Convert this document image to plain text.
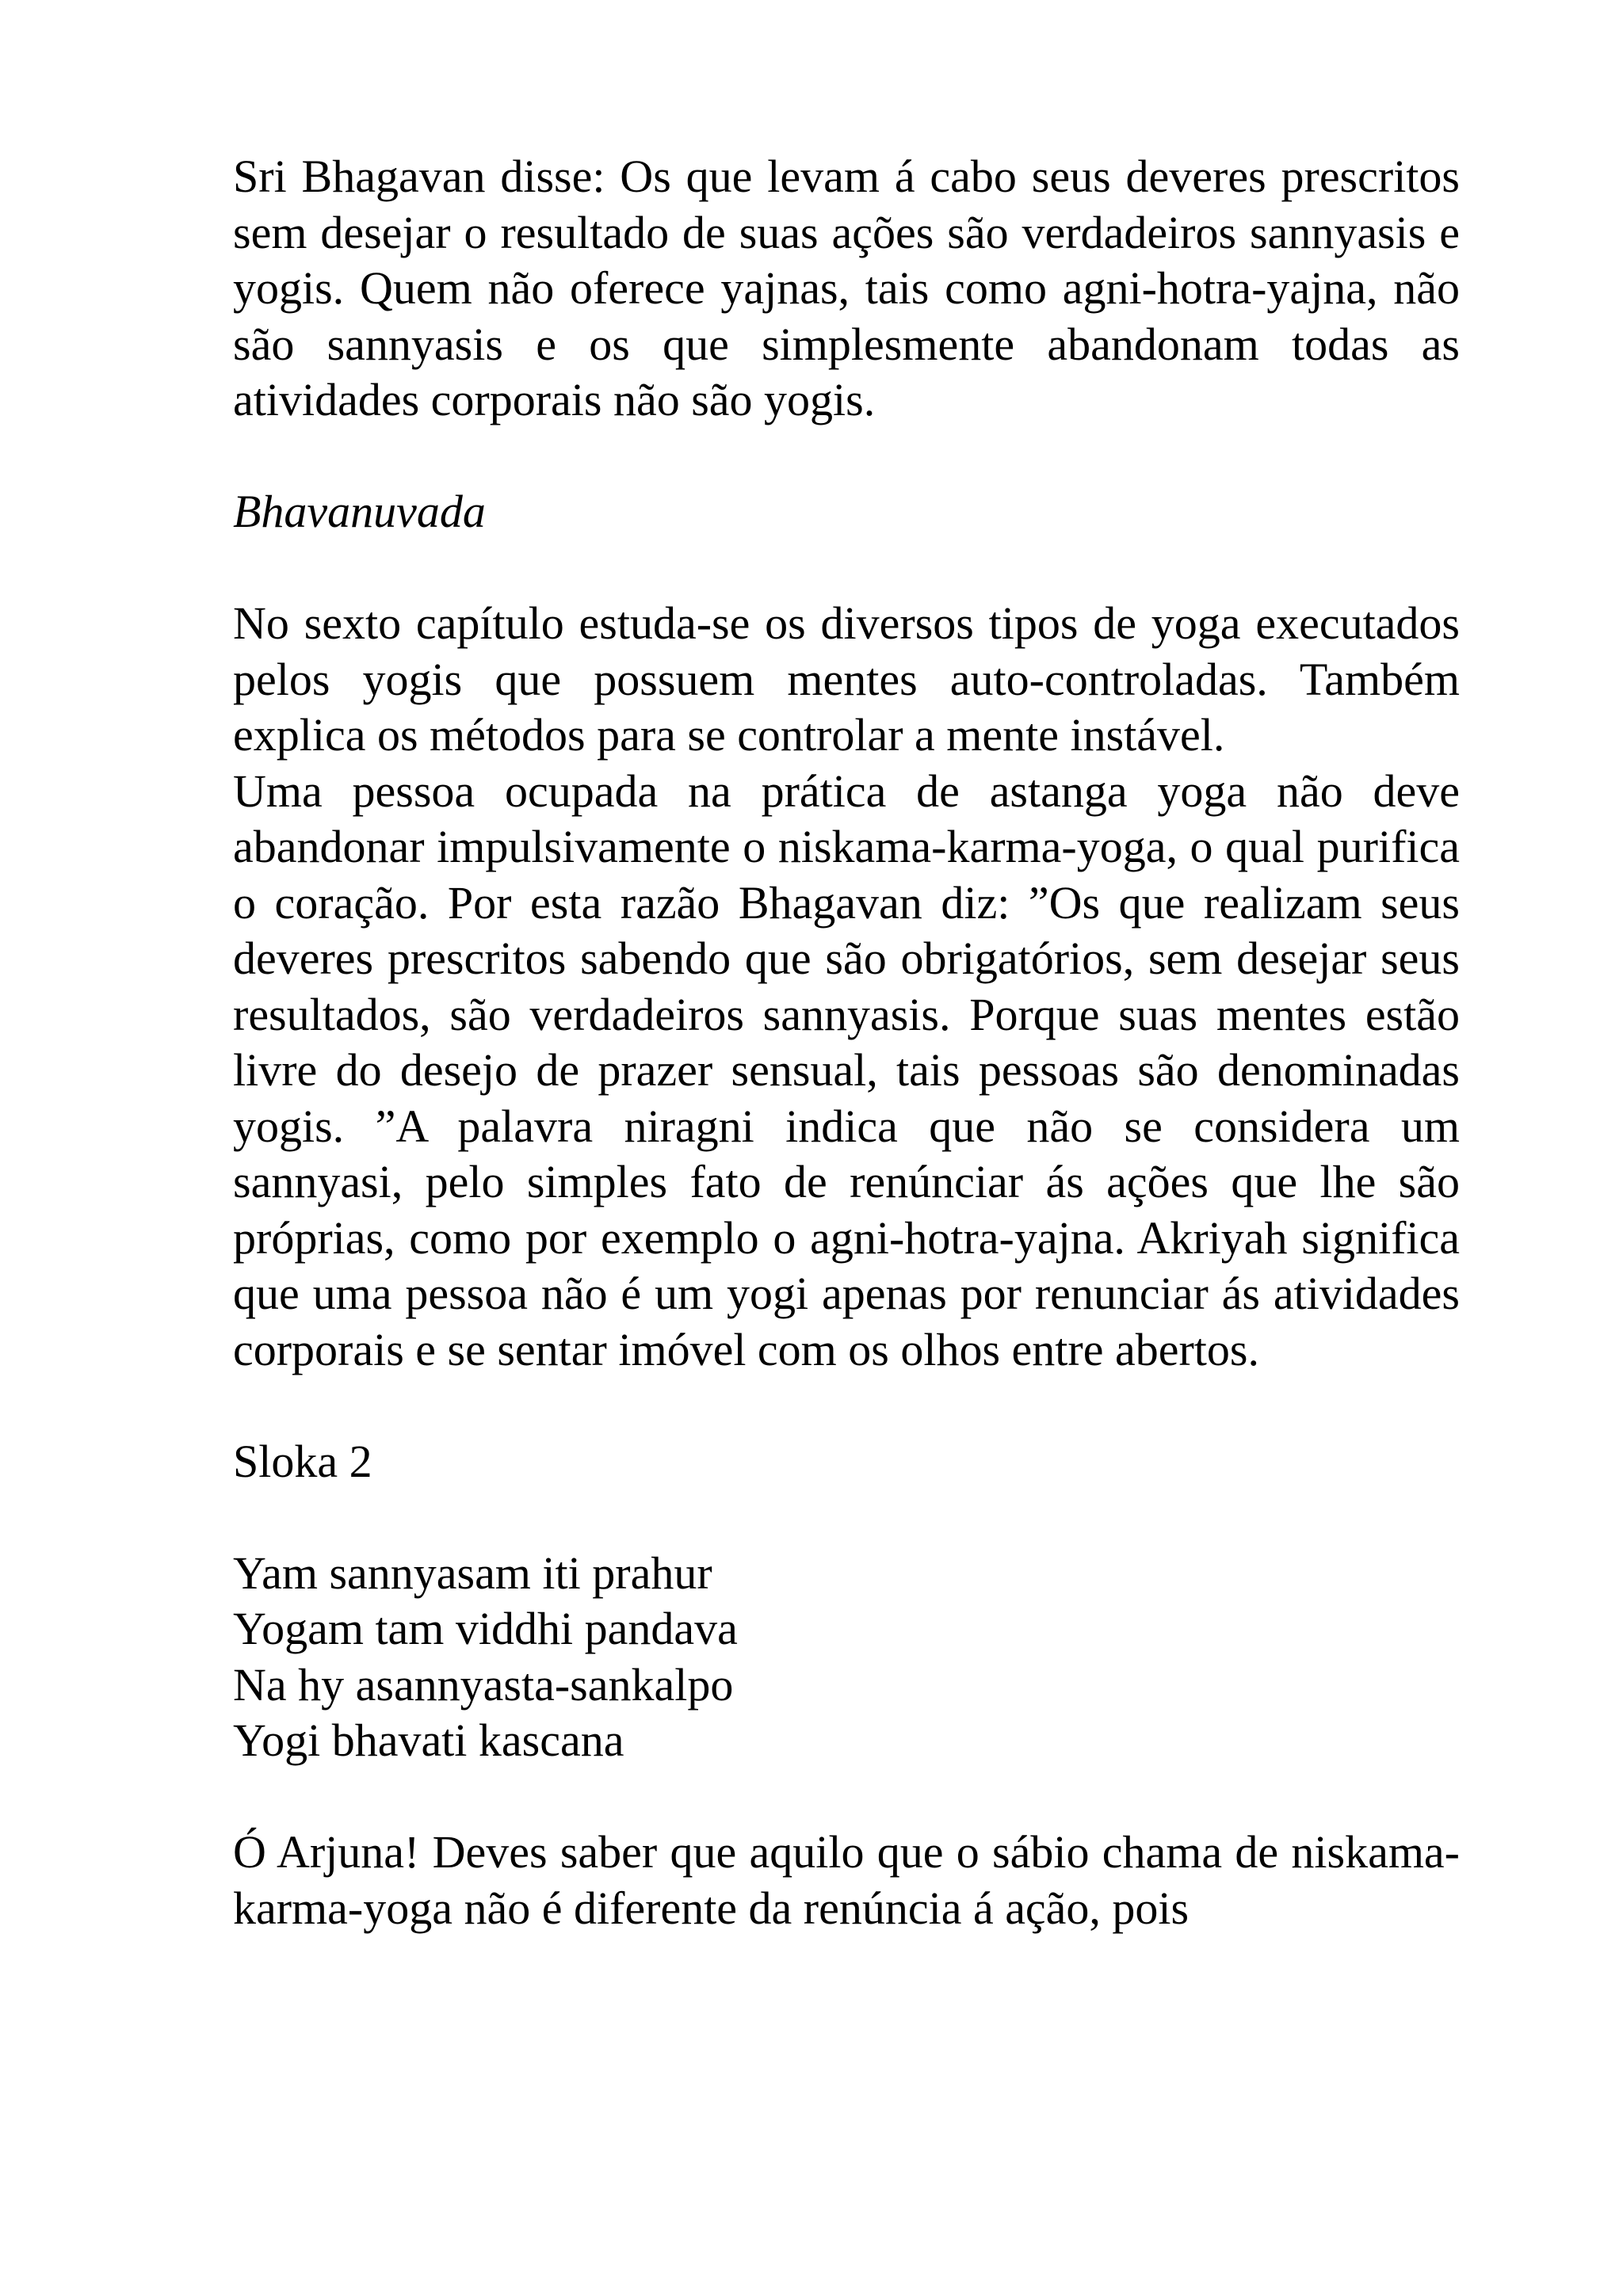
Sri Bhagavan disse: Os que levam á cabo seus deveres prescritos sem desejar o resultado de suas ações são verdadeiros sannyasis e yogis. Quem não oferece yajnas, tais como agni-hotra-yajna, não são sannyasis e os que simplesmente abandonam todas as atividades corporais não são yogis.

Bhavanuvada

No sexto capítulo estuda-se os diversos tipos de yoga executados pelos yogis que possuem mentes auto-controladas. Também explica os métodos para se controlar a mente instável.

Uma pessoa ocupada na prática de astanga yoga não deve abandonar impulsivamente o niskama-karma-yoga, o qual purifica o coração. Por esta razão Bhagavan diz: ”Os que realizam seus deveres prescritos sabendo que são obrigatórios, sem desejar seus resultados, são verdadeiros sannyasis. Porque suas mentes estão livre do desejo de prazer sensual, tais pessoas são denominadas yogis. ”A palavra niragni indica que não se considera um sannyasi, pelo simples fato de renúnciar ás ações que lhe são próprias, como por exemplo o agni-hotra-yajna. Akriyah significa que uma pessoa não é um yogi apenas por renunciar ás atividades corporais e se sentar imóvel com os olhos entre abertos.

Sloka 2

Yam sannyasam iti prahur
Yogam tam viddhi pandava
Na hy asannyasta-sankalpo
Yogi bhavati kascana

Ó Arjuna! Deves saber que aquilo que o sábio chama de niskama-karma-yoga não é diferente da renúncia á ação, pois
